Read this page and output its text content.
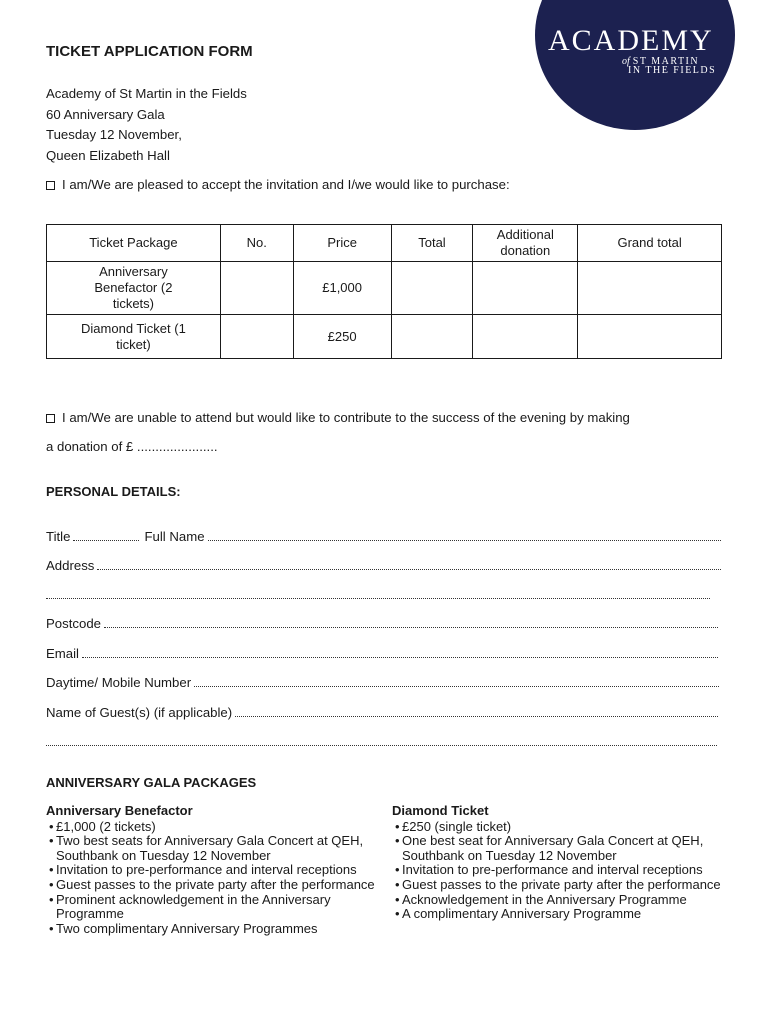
ACADEMY
of ST MARTIN
IN THE FIELDS
TICKET APPLICATION FORM
Academy of St Martin in the Fields
60 Anniversary Gala
Tuesday 12 November,
Queen Elizabeth Hall
I am/We are pleased to accept the invitation and I/we would like to purchase:
Ticket Package	No.	Price	Total	Additional donation	Grand total
Anniversary Benefactor (2 tickets)		£1,000			
Diamond Ticket (1 ticket)		£250			
I am/We are unable to attend but would like to contribute to the success of the evening by making
a donation of £ ......................
PERSONAL DETAILS:
Title	Full Name
Address
Postcode
Email
Daytime/ Mobile Number
Name of Guest(s) (if applicable)
ANNIVERSARY GALA PACKAGES
Anniversary Benefactor
• £1,000 (2 tickets)
• Two best seats for Anniversary Gala Concert at QEH, Southbank on Tuesday 12 November
• Invitation to pre-performance and interval receptions
• Guest passes to the private party after the performance
• Prominent acknowledgement in the Anniversary Programme
• Two complimentary Anniversary Programmes
Diamond Ticket
• £250 (single ticket)
• One best seat for Anniversary Gala Concert at QEH, Southbank on Tuesday 12 November
• Invitation to pre-performance and interval receptions
• Guest passes to the private party after the performance
• Acknowledgement in the Anniversary Programme
• A complimentary Anniversary Programme
